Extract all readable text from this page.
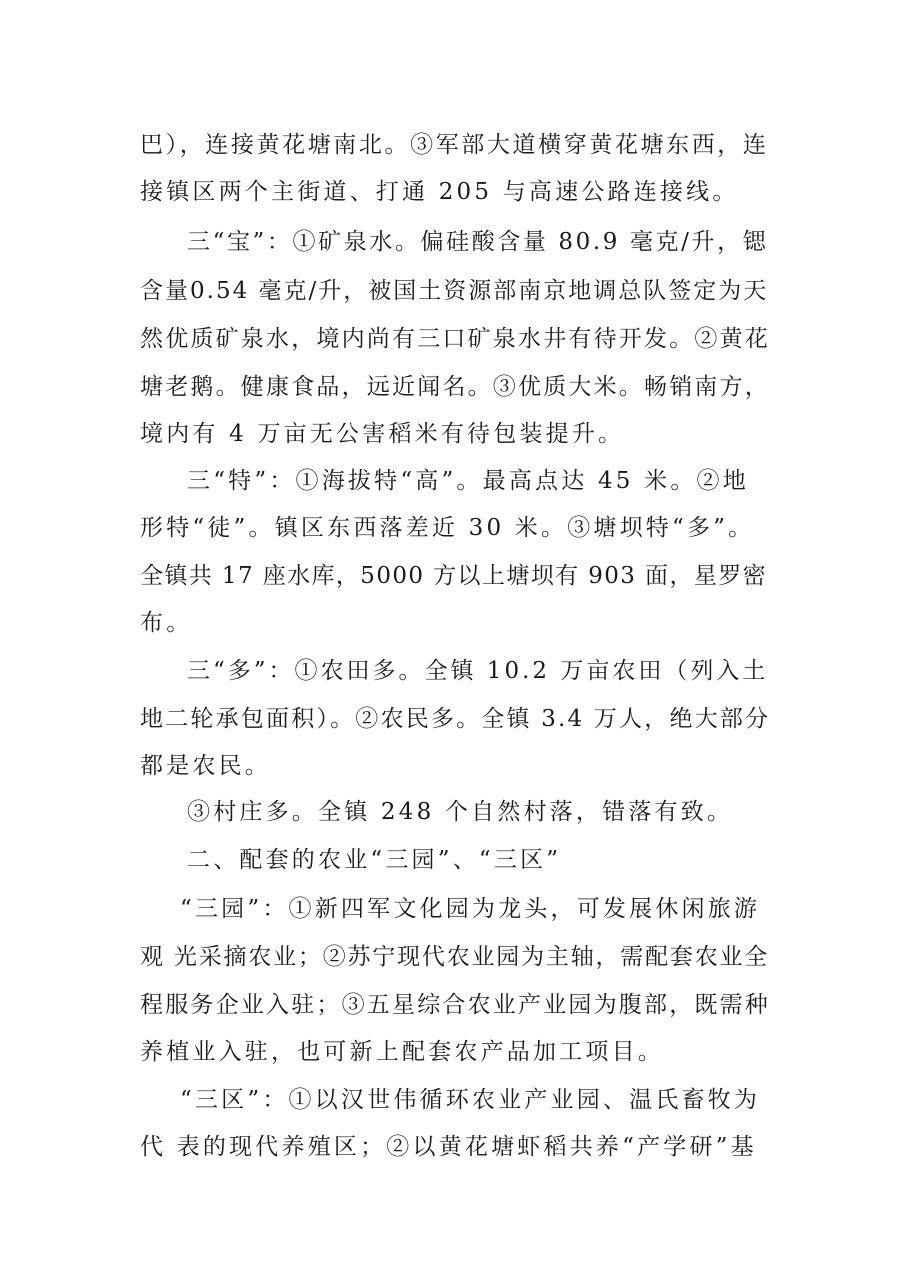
巴），连接黄花塘南北。③军部大道横穿黄花塘东西，连
接镇区两个主街道、打通 205 与高速公路连接线。
三“宝”：①矿泉水。偏硅酸含量 80.9 毫克/升，锶
含量0.54 毫克/升，被国土资源部南京地调总队签定为天
然优质矿泉水，境内尚有三口矿泉水井有待开发。②黄花
塘老鹅。健康食品，远近闻名。③优质大米。畅销南方，
境内有 4 万亩无公害稻米有待包装提升。
三“特”：①海拔特“高”。最高点达 45 米。②地
形特“徒”。镇区东西落差近 30 米。③塘坝特“多”。
全镇共 17 座水库，5000 方以上塘坝有 903 面，星罗密
布。
三“多”：①农田多。全镇 10.2 万亩农田（列入土
地二轮承包面积）。②农民多。全镇 3.4 万人，绝大部分
都是农民。
③村庄多。全镇 248 个自然村落，错落有致。
二、配套的农业“三园”、“三区”
“三园”：①新四军文化园为龙头，可发展休闲旅游
观 光采摘农业；②苏宁现代农业园为主轴，需配套农业全
程服务企业入驻；③五星综合农业产业园为腹部，既需种
养植业入驻，也可新上配套农产品加工项目。
“三区”：①以汉世伟循环农业产业园、温氏畜牧为
代 表的现代养殖区；②以黄花塘虾稻共养“产学研”基
